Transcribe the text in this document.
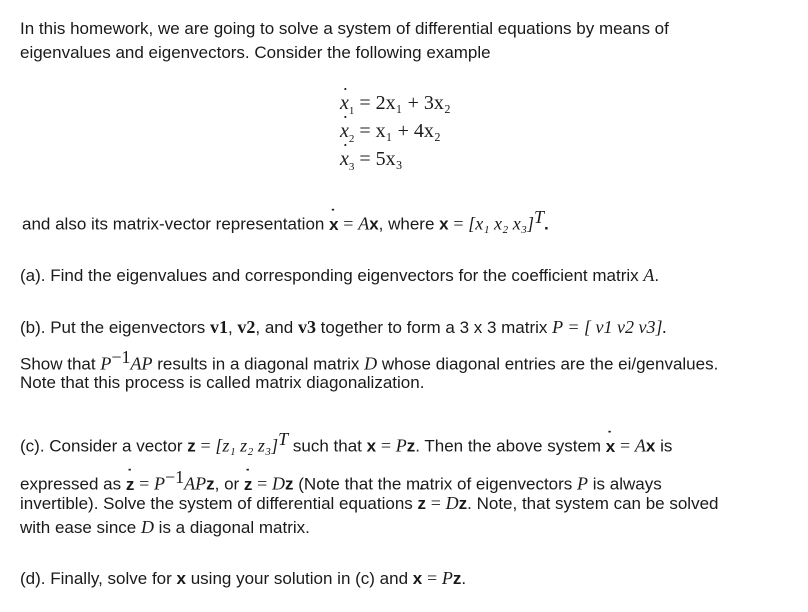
In this homework, we are going to solve a system of differential equations by means of
eigenvalues and eigenvectors. Consider the following example
˙ $x_1 = 2x_1 + 3x_2$
˙ $x_2 = x_1 + 4x_2$
˙ $x_3 = 5x_3$
and also its matrix-vector representation ˙ x = Ax, where x = [x₁ x₂ x₃]$^T$.
(a). Find the eigenvalues and corresponding eigenvectors for the coefficient matrix A.
(b). Put the eigenvectors v1, v2, and v3 together to form a 3 x 3 matrix P = [ v1 v2 v3].
Show that $P^{-1}AP$ results in a diagonal matrix D whose diagonal entries are the ei/genvalues.
Note that this process is called matrix diagonalization.
(c). Consider a vector z = [z₁ z₂ z₃]$^T$ such that x = Pz. Then the above system ˙ x = Ax is
expressed as ˙ $z = P^{-1}APz$, or ˙ z = Dz (Note that the matrix of eigenvectors P is always
invertible). Solve the system of differential equations ˙ z = Dz. Note, that system can be solved
with ease since D is a diagonal matrix.
(d). Finally, solve for x using your solution in (c) and x = Pz.
